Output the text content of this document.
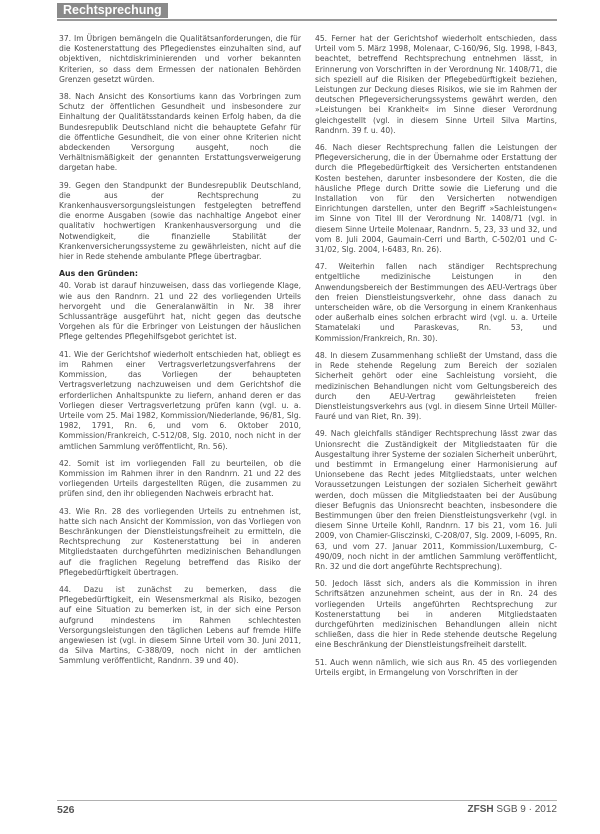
Rechtsprechung

37. Im Übrigen bemängeln die Qualitätsanforderungen, die für die Kostenerstattung des Pflegedienstes einzuhalten sind, auf objektiven, nichtdiskriminierenden und vorher bekannten Kriterien, so dass dem Ermessen der nationalen Behörden Grenzen gesetzt würden.

38. Nach Ansicht des Konsortiums kann das Vorbringen zum Schutz der öffentlichen Gesundheit und insbesondere zur Einhaltung der Qualitätsstandards keinen Erfolg haben, da die Bundesrepublik Deutschland nicht die behauptete Gefahr für die öffentliche Gesundheit, die von einer ohne Kriterien nicht abdeckenden Versorgung ausgeht, noch die Verhältnismäßigkeit der genannten Erstattungsverweigerung dargetan habe.

39. Gegen den Standpunkt der Bundesrepublik Deutschland, die aus der Rechtsprechung zu Krankenhausversorgungsleistungen festgelegten betreffend die enorme Ausgaben (sowie das nachhaltige Angebot einer qualitativ hochwertigen Krankenhausversorgung und die Notwendigkeit, die finanzielle Stabilität der Krankenversicherungssysteme zu gewährleisten, nicht auf die hier in Rede stehende ambulante Pflege übertragbar.

Aus den Gründen:

40. Vorab ist darauf hinzuweisen, dass das vorliegende Klage, wie aus den Randnrn. 21 und 22 des vorliegenden Urteils hervorgeht und die Generalanwältin in Nr. 38 ihrer Schlussanträge ausgeführt hat, nicht gegen das deutsche Vorgehen als für die Erbringer von Leistungen der häuslichen Pflege geltendes Pflegehilfsgebot gerichtet ist.

41. Wie der Gerichtshof wiederholt entschieden hat, obliegt es im Rahmen einer Vertragsverletzungsverfahrens der Kommission, das Vorliegen der behaupteten Vertragsverletzung nachzuweisen und dem Gerichtshof die erforderlichen Anhaltspunkte zu liefern, anhand deren er das Vorliegen dieser Vertragsverletzung prüfen kann (vgl. u. a. Urteile vom 25. Mai 1982, Kommission/Niederlande, 96/81, Slg. 1982, 1791, Rn. 6, und vom 6. Oktober 2010, Kommission/Frankreich, C-512/08, Slg. 2010, noch nicht in der amtlichen Sammlung veröffentlicht, Rn. 56).

42. Somit ist im vorliegenden Fall zu beurteilen, ob die Kommission im Rahmen ihrer in den Randnrn. 21 und 22 des vorliegenden Urteils dargestellten Rügen, die zusammen zu prüfen sind, den ihr obliegenden Nachweis erbracht hat.

43. Wie Rn. 28 des vorliegenden Urteils zu entnehmen ist, hatte sich nach Ansicht der Kommission, von das Vorliegen von Beschränkungen der Dienstleistungsfreiheit zu ermitteln, die Rechtsprechung zur Kostenerstattung bei in anderen Mitgliedstaaten durchgeführten medizinischen Behandlungen auf die fraglichen Regelung betreffend das Risiko der Pflegebedürftigkeit übertragen.

44. Dazu ist zunächst zu bemerken, dass die Pflegebedürftigkeit, ein Wesensmerkmal als Risiko, bezogen auf eine Situation zu bemerken ist, in der sich eine Person aufgrund mindestens im Rahmen schlechtesten Versorgungsleistungen den täglichen Lebens auf fremde Hilfe angewiesen ist (vgl. in diesem Sinne Urteil vom 30. Juni 2011, da Silva Martins, C-388/09, noch nicht in der amtlichen Sammlung veröffentlicht, Randnrn. 39 und 40).

45. Ferner hat der Gerichtshof wiederholt entschieden, dass Urteil vom 5. März 1998, Molenaar, C-160/96, Slg. 1998, I-843, beachtet, betreffend Rechtsprechung entnehmen lässt, in Erinnerung von Vorschriften in der Verordnung Nr. 1408/71, die sich speziell auf die Risiken der Pflegebedürftigkeit beziehen, Leistungen zur Deckung dieses Risikos, wie sie im Rahmen der deutschen Pflegeversicherungssystems gewährt werden, den »Leistungen bei Krankheit« im Sinne dieser Verordnung gleichgestellt (vgl. in diesem Sinne Urteil Silva Martins, Randnrn. 39 f. u. 40).

46. Nach dieser Rechtsprechung fallen die Leistungen der Pflegeversicherung, die in der Übernahme oder Erstattung der durch die Pflegebedürftigkeit des Versicherten entstandenen Kosten bestehen, darunter insbesondere der Kosten, die die häusliche Pflege durch Dritte sowie die Lieferung und die Installation von für den Versicherten notwendigen Einrichtungen darstellen, unter den Begriff »Sachleistungen« im Sinne von Titel III der Verordnung Nr. 1408/71 (vgl. in diesem Sinne Urteile Molenaar, Randnrn. 5, 23, 33 und 32, und vom 8. Juli 2004, Gaumain-Cerri und Barth, C-502/01 und C-31/02, Slg. 2004, I-6483, Rn. 26).

47. Weiterhin fallen nach ständiger Rechtsprechung entgeltliche medizinische Leistungen in den Anwendungsbereich der Bestimmungen des AEU-Vertrags über den freien Dienstleistungsverkehr, ohne dass danach zu unterscheiden wäre, ob die Versorgung in einem Krankenhaus oder außerhalb eines solchen erbracht wird (vgl. u. a. Urteile Stamatelaki und Paraskevas, Rn. 53, und Kommission/Frankreich, Rn. 30).

48. In diesem Zusammenhang schließt der Umstand, dass die in Rede stehende Regelung zum Bereich der sozialen Sicherheit gehört oder eine Sachleistung vorsieht, die medizinischen Behandlungen nicht vom Geltungsbereich des durch den AEU-Vertrag gewährleisteten freien Dienstleistungsverkehrs aus (vgl. in diesem Sinne Urteil Müller-Fauré und van Riet, Rn. 39).

49. Nach gleichfalls ständiger Rechtsprechung lässt zwar das Unionsrecht die Zuständigkeit der Mitgliedstaaten für die Ausgestaltung ihrer Systeme der sozialen Sicherheit unberührt, und bestimmt in Ermangelung einer Harmonisierung auf Unionsebene das Recht jedes Mitgliedstaats, unter welchen Voraussetzungen Leistungen der sozialen Sicherheit gewährt werden, doch müssen die Mitgliedstaaten bei der Ausübung dieser Befugnis das Unionsrecht beachten, insbesondere die Bestimmungen über den freien Dienstleistungsverkehr (vgl. in diesem Sinne Urteile Kohll, Randnrn. 17 bis 21, vom 16. Juli 2009, von Chamier-Glisczinski, C-208/07, Slg. 2009, I-6095, Rn. 63, und vom 27. Januar 2011, Kommission/Luxemburg, C-490/09, noch nicht in der amtlichen Sammlung veröffentlicht, Rn. 32 und die dort angeführte Rechtsprechung).

50. Jedoch lässt sich, anders als die Kommission in ihren Schriftsätzen anzunehmen scheint, aus der in Rn. 24 des vorliegenden Urteils angeführten Rechtsprechung zur Kostenerstattung bei in anderen Mitgliedstaaten durchgeführten medizinischen Behandlungen allein nicht schließen, dass die hier in Rede stehende deutsche Regelung eine Beschränkung der Dienstleistungsfreiheit darstellt.

51. Auch wenn nämlich, wie sich aus Rn. 45 des vorliegenden Urteils ergibt, in Ermangelung von Vorschriften in der

526	ZFSH SGB 9 · 2012
